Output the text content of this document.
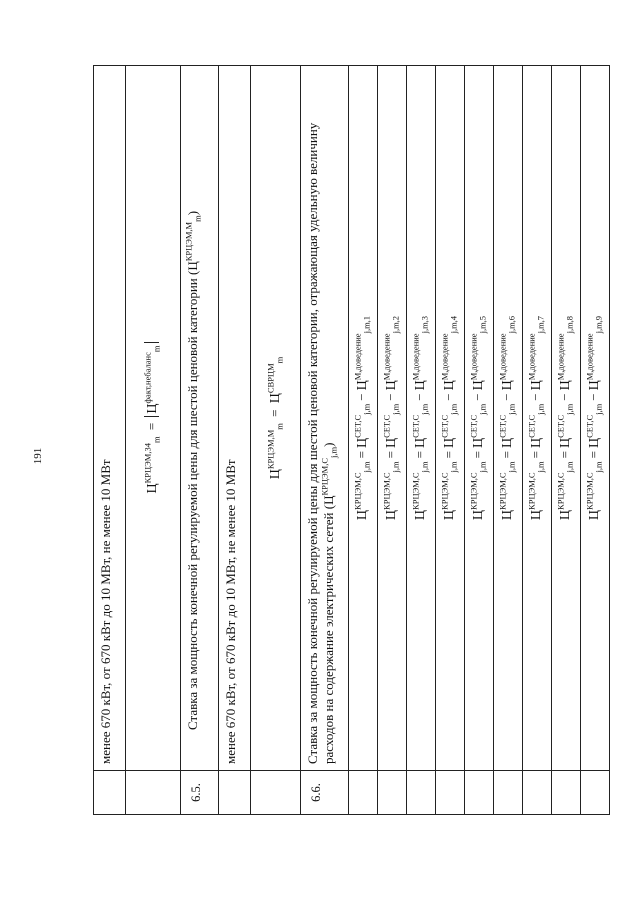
191
	менее 670 кВт, от 670 кВт до 10 МВт, не менее 10 МВт
	$Ц^{КРЦЭМ,34}_m = Ц^{факт,небаланс}_m$
6.5.	Ставка за мощность конечной регулируемой цены для шестой ценовой категории $(Ц^{КРЦЭМ,М}_m)$
	менее 670 кВт, от 670 кВт до 10 МВт, не менее 10 МВт
	$Ц^{КРЦЭМ,М}_m = Ц^{СВРЦМ}_m$
6.6.	Ставка за мощность конечной регулируемой цены для шестой ценовой категории, отражающая удельную величину расходов на содержание электрических сетей $(Ц^{КРЦЭМ,С}_{j,m})$
	$Ц^{КРЦЭМ,С}_{j,m}=Ц^{СЕТ,С}_{j,m}-Ц^{М,доведение}_{j,m,1}$
	$Ц^{КРЦЭМ,С}_{j,m}=Ц^{СЕТ,С}_{j,m}-Ц^{М,доведение}_{j,m,2}$
	$Ц^{КРЦЭМ,С}_{j,m}=Ц^{СЕТ,С}_{j,m}-Ц^{М,доведение}_{j,m,3}$
	$Ц^{КРЦЭМ,С}_{j,m}=Ц^{СЕТ,С}_{j,m}-Ц^{М,доведение}_{j,m,4}$
	$Ц^{КРЦЭМ,С}_{j,m}=Ц^{СЕТ,С}_{j,m}-Ц^{М,доведение}_{j,m,5}$
	$Ц^{КРЦЭМ,С}_{j,m}=Ц^{СЕТ,С}_{j,m}-Ц^{М,доведение}_{j,m,6}$
	$Ц^{КРЦЭМ,С}_{j,m}=Ц^{СЕТ,С}_{j,m}-Ц^{М,доведение}_{j,m,7}$
	$Ц^{КРЦЭМ,С}_{j,m}=Ц^{СЕТ,С}_{j,m}-Ц^{М,доведение}_{j,m,8}$
	$Ц^{КРЦЭМ,С}_{j,m}=Ц^{СЕТ,С}_{j,m}-Ц^{М,доведение}_{j,m,9}$
